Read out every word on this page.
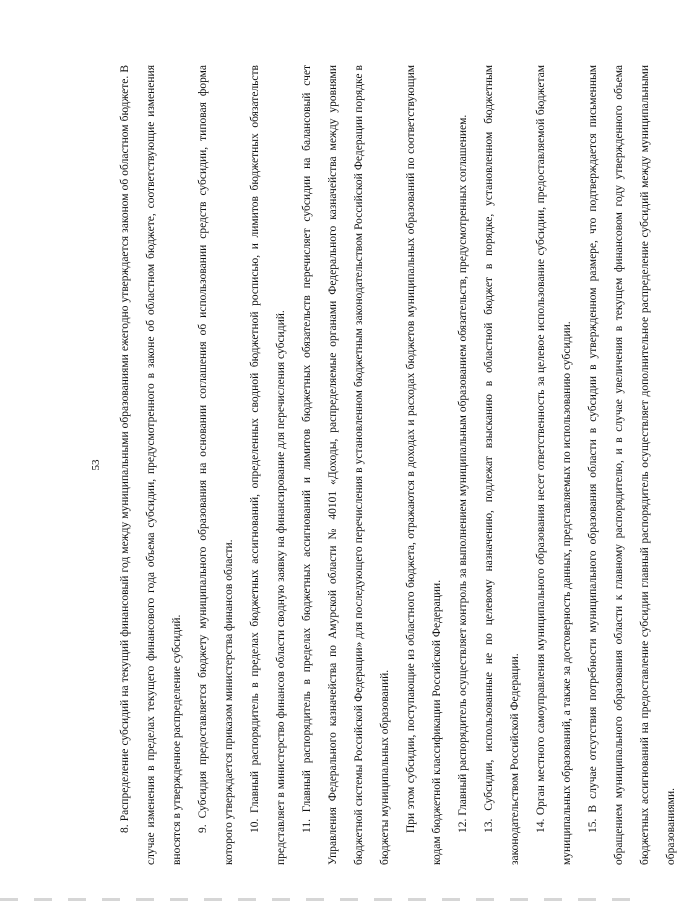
53	8. Распределение субсидий на текущий финансовый год между муниципальными образованиями ежегодно утверждается законом об областном бюджете. В случае изменения в пределах текущего финансового года объема субсидии, предусмотренного в законе об областном бюджете, соответствующие изменения вносятся в утвержденное распределение субсидий.	9. Субсидия предоставляется бюджету муниципального образования на основании соглашения об использовании средств субсидии, типовая форма которого утверждается приказом министерства финансов области.	10. Главный распорядитель в пределах бюджетных ассигнований, определенных сводной бюджетной росписью, и лимитов бюджетных обязательств представляет в министерство финансов области сводную заявку на финансирование для перечисления субсидий.	11. Главный распорядитель в пределах бюджетных ассигнований и лимитов бюджетных обязательств перечисляет субсидии на балансовый счет Управления Федерального казначейства по Амурской области № 40101 «Доходы, распределяемые органами Федерального казначейства между уровнями бюджетной системы Российской Федерации» для последующего перечисления в установленном бюджетным законодательством Российской Федерации порядке в бюджеты муниципальных образований.	При этом субсидии, поступающие из областного бюджета, отражаются в доходах и расходах бюджетов муниципальных образований по соответствующим кодам бюджетной классификации Российской Федерации.	12. Главный распорядитель осуществляет контроль за выполнением муниципальным образованием обязательств, предусмотренных соглашением.	13. Субсидии, использованные не по целевому назначению, подлежат взысканию в областной бюджет в порядке, установленном бюджетным законодательством Российской Федерации.	14. Орган местного самоуправления муниципального образования несет ответственность за целевое использование субсидии, предоставляемой бюджетам муниципальных образований, а также за достоверность данных, представляемых по использованию субсидии.	15. В случае отсутствия потребности муниципального образования области в субсидии в утвержденном размере, что подтверждается письменным обращением муниципального образования области к главному распорядителю, и в случае увеличения в текущем финансовом году утвержденного объема бюджетных ассигнований на предоставление субсидии главный распорядитель осуществляет дополнительное распределение субсидий между муниципальными образованиями.
